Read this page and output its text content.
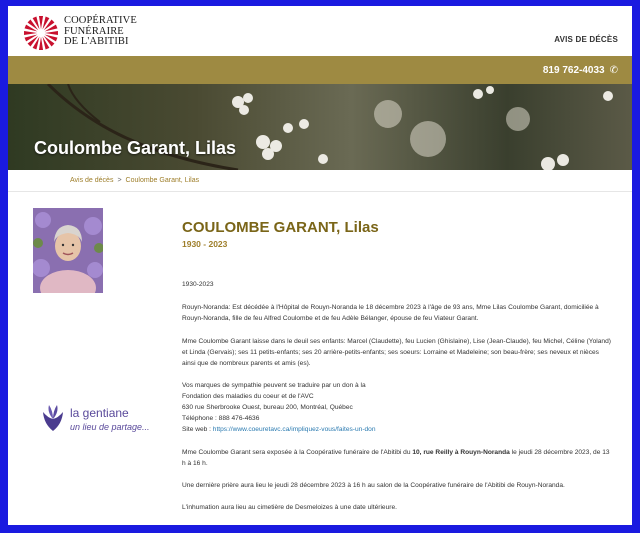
COOPÉRATIVE
FUNÉRAIRE
DE L'ABITIBI	AVIS DE DÉCÈS
819 762-4033 ✆
Coulombe Garant, Lilas
Avis de décès > Coulombe Garant, Lilas
la gentiane
un lieu de partage...
COULOMBE GARANT, Lilas
1930 - 2023

1930-2023

Rouyn-Noranda: Est décédée à l'Hôpital de Rouyn-Noranda le 18 décembre 2023 à l'âge de 93 ans, Mme Lilas Coulombe Garant, domiciliée à Rouyn-Noranda, fille de feu Alfred Coulombe et de feu Adèle Bélanger, épouse de feu Viateur Garant.

Mme Coulombe Garant laisse dans le deuil ses enfants: Marcel (Claudette), feu Lucien (Ghislaine), Lise (Jean-Claude), feu Michel, Céline (Yoland) et Linda (Gervais); ses 11 petits-enfants; ses 20 arrière-petits-enfants; ses soeurs: Lorraine et Madeleine; son beau-frère; ses neveux et nièces ainsi que de nombreux parents et amis (es).

Vos marques de sympathie peuvent se traduire par un don à la
Fondation des maladies du coeur et de l'AVC
630 rue Sherbrooke Ouest, bureau 200, Montréal, Québec
Téléphone : 888 476-4636
Site web : https://www.coeuretavc.ca/impliquez-vous/faites-un-don

Mme Coulombe Garant sera exposée à la Coopérative funéraire de l'Abitibi du 10, rue Reilly à Rouyn-Noranda le jeudi 28 décembre 2023, de 13 h à 16 h.

Une dernière prière aura lieu le jeudi 28 décembre 2023 à 16 h au salon de la Coopérative funéraire de l'Abitibi de Rouyn-Noranda.

L'inhumation aura lieu au cimetière de Desmeloizes à une date ultérieure.
